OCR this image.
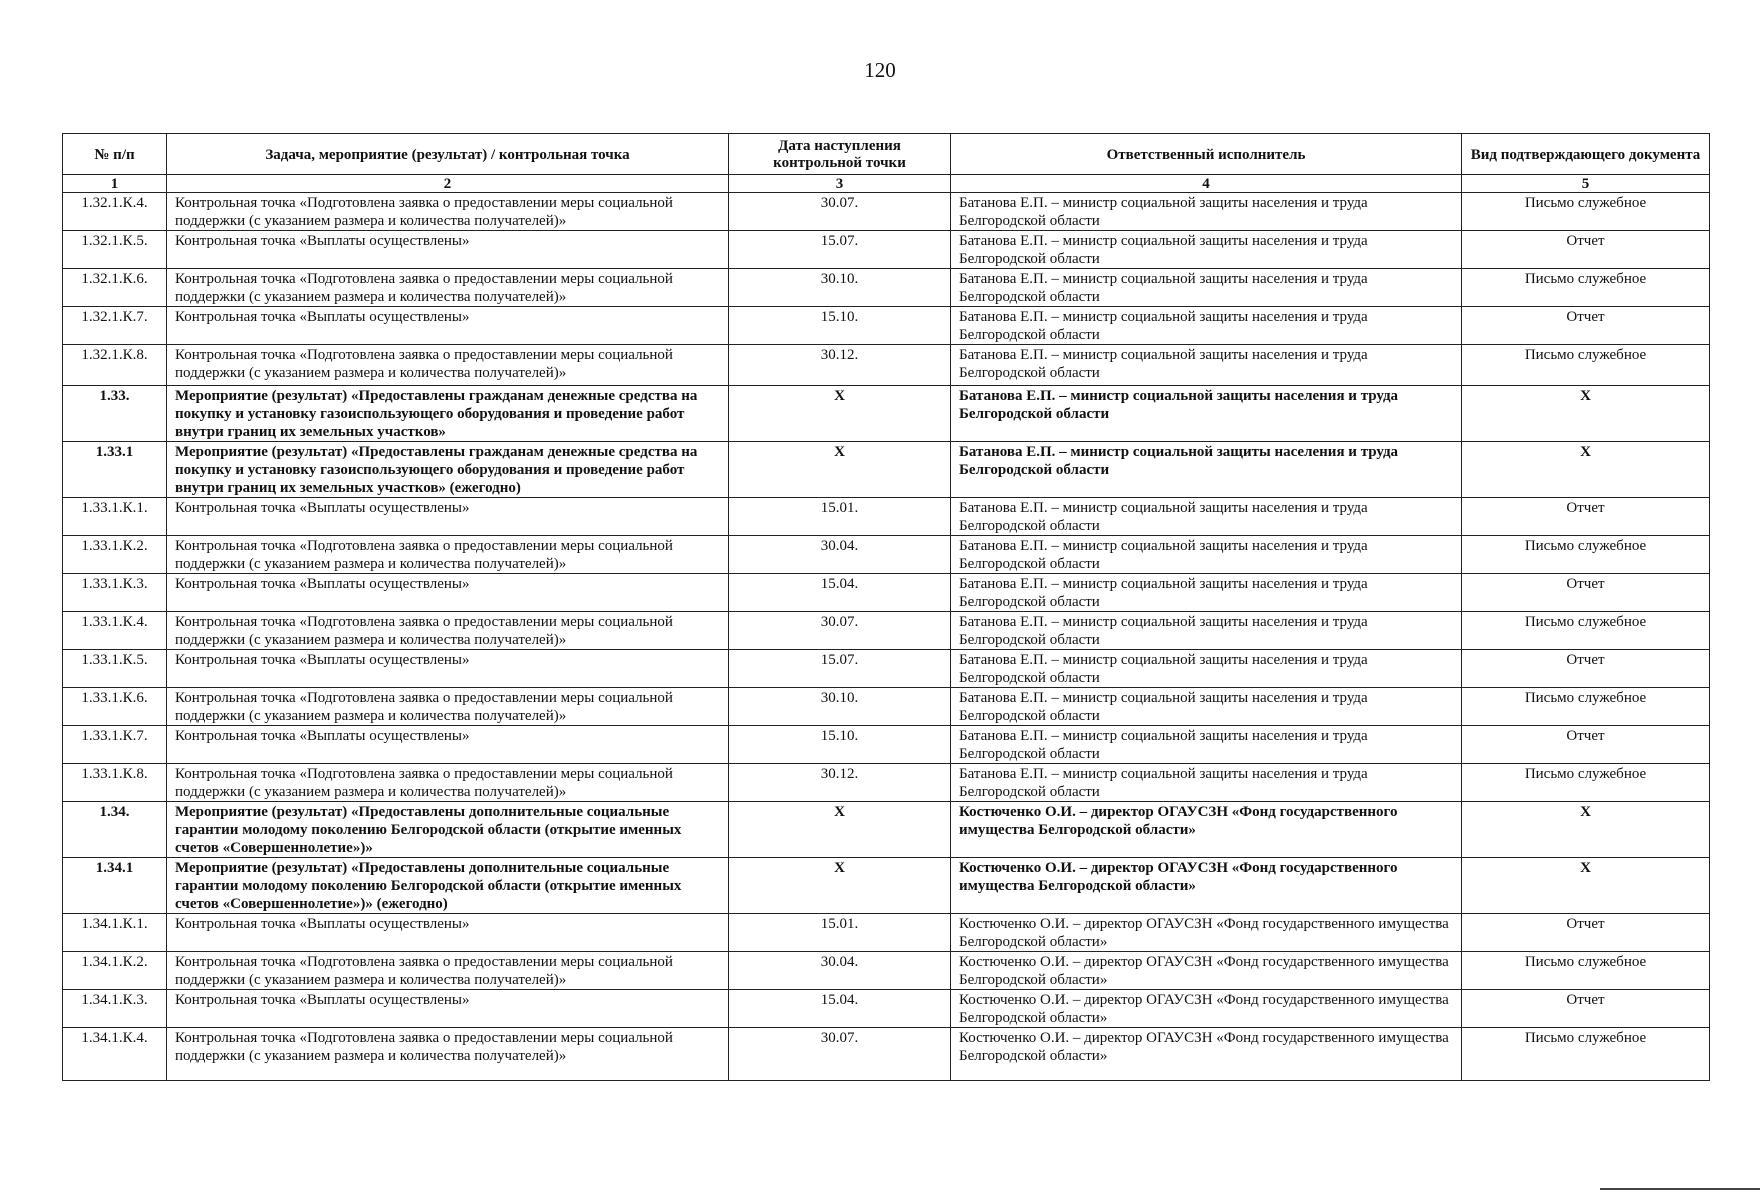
120
№ п/п	Задача, мероприятие (результат) / контрольная точка	Дата наступления контрольной точки	Ответственный исполнитель	Вид подтверждающего документа
1	2	3	4	5
1.32.1.К.4.	Контрольная точка «Подготовлена заявка о предоставлении меры социальной поддержки (с указанием размера и количества получателей)»	30.07.	Батанова Е.П. – министр социальной защиты населения и труда Белгородской области	Письмо служебное
1.32.1.К.5.	Контрольная точка «Выплаты осуществлены»	15.07.	Батанова Е.П. – министр социальной защиты населения и труда Белгородской области	Отчет
1.32.1.К.6.	Контрольная точка «Подготовлена заявка о предоставлении меры социальной поддержки (с указанием размера и количества получателей)»	30.10.	Батанова Е.П. – министр социальной защиты населения и труда Белгородской области	Письмо служебное
1.32.1.К.7.	Контрольная точка «Выплаты осуществлены»	15.10.	Батанова Е.П. – министр социальной защиты населения и труда Белгородской области	Отчет
1.32.1.К.8.	Контрольная точка «Подготовлена заявка о предоставлении меры социальной поддержки (с указанием размера и количества получателей)»	30.12.	Батанова Е.П. – министр социальной защиты населения и труда Белгородской области	Письмо служебное
1.33.	Мероприятие (результат) «Предоставлены гражданам денежные средства на покупку и установку газоиспользующего оборудования и проведение работ внутри границ их земельных участков»	Х	Батанова Е.П. – министр социальной защиты населения и труда Белгородской области	Х
1.33.1	Мероприятие (результат) «Предоставлены гражданам денежные средства на покупку и установку газоиспользующего оборудования и проведение работ внутри границ их земельных участков» (ежегодно)	Х	Батанова Е.П. – министр социальной защиты населения и труда Белгородской области	Х
1.33.1.К.1.	Контрольная точка «Выплаты осуществлены»	15.01.	Батанова Е.П. – министр социальной защиты населения и труда Белгородской области	Отчет
1.33.1.К.2.	Контрольная точка «Подготовлена заявка о предоставлении меры социальной поддержки (с указанием размера и количества получателей)»	30.04.	Батанова Е.П. – министр социальной защиты населения и труда Белгородской области	Письмо служебное
1.33.1.К.3.	Контрольная точка «Выплаты осуществлены»	15.04.	Батанова Е.П. – министр социальной защиты населения и труда Белгородской области	Отчет
1.33.1.К.4.	Контрольная точка «Подготовлена заявка о предоставлении меры социальной поддержки (с указанием размера и количества получателей)»	30.07.	Батанова Е.П. – министр социальной защиты населения и труда Белгородской области	Письмо служебное
1.33.1.К.5.	Контрольная точка «Выплаты осуществлены»	15.07.	Батанова Е.П. – министр социальной защиты населения и труда Белгородской области	Отчет
1.33.1.К.6.	Контрольная точка «Подготовлена заявка о предоставлении меры социальной поддержки (с указанием размера и количества получателей)»	30.10.	Батанова Е.П. – министр социальной защиты населения и труда Белгородской области	Письмо служебное
1.33.1.К.7.	Контрольная точка «Выплаты осуществлены»	15.10.	Батанова Е.П. – министр социальной защиты населения и труда Белгородской области	Отчет
1.33.1.К.8.	Контрольная точка «Подготовлена заявка о предоставлении меры социальной поддержки (с указанием размера и количества получателей)»	30.12.	Батанова Е.П. – министр социальной защиты населения и труда Белгородской области	Письмо служебное
1.34.	Мероприятие (результат) «Предоставлены дополнительные социальные гарантии молодому поколению Белгородской области (открытие именных счетов «Совершеннолетие»)»	Х	Костюченко О.И. – директор ОГАУСЗН «Фонд государственного имущества Белгородской области»	Х
1.34.1	Мероприятие (результат) «Предоставлены дополнительные социальные гарантии молодому поколению Белгородской области (открытие именных счетов «Совершеннолетие»)» (ежегодно)	Х	Костюченко О.И. – директор ОГАУСЗН «Фонд государственного имущества Белгородской области»	Х
1.34.1.К.1.	Контрольная точка «Выплаты осуществлены»	15.01.	Костюченко О.И. – директор ОГАУСЗН «Фонд государственного имущества Белгородской области»	Отчет
1.34.1.К.2.	Контрольная точка «Подготовлена заявка о предоставлении меры социальной поддержки (с указанием размера и количества получателей)»	30.04.	Костюченко О.И. – директор ОГАУСЗН «Фонд государственного имущества Белгородской области»	Письмо служебное
1.34.1.К.3.	Контрольная точка «Выплаты осуществлены»	15.04.	Костюченко О.И. – директор ОГАУСЗН «Фонд государственного имущества Белгородской области»	Отчет
1.34.1.К.4.	Контрольная точка «Подготовлена заявка о предоставлении меры социальной поддержки (с указанием размера и количества получателей)»	30.07.	Костюченко О.И. – директор ОГАУСЗН «Фонд государственного имущества Белгородской области»	Письмо служебное
